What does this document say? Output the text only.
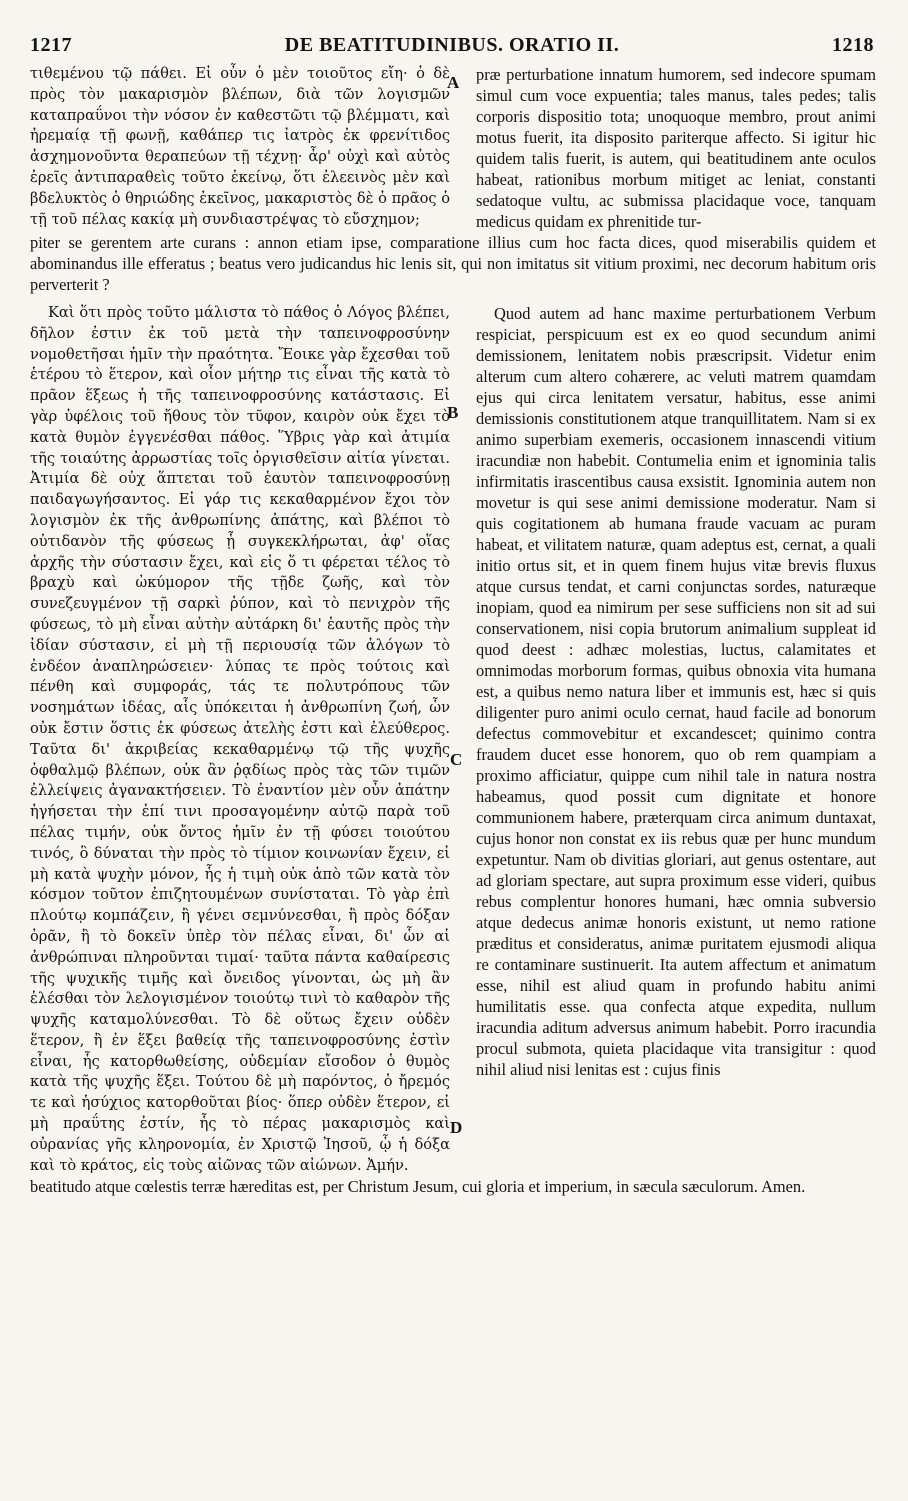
1217	DE BEATITUDINIBUS. ORATIO II.	1218
A
B
C
D

τιθεμένου τῷ πάθει. Εἰ οὖν ὁ μὲν τοιοῦτος εἴη· ὁ δὲ πρὸς τὸν μακαρισμὸν βλέπων, διὰ τῶν λογισμῶν καταπραΰνοι τὴν νόσον ἐν καθεστῶτι τῷ βλέμματι, καὶ ἠρεμαίᾳ τῇ φωνῇ, καθάπερ τις ἰατρὸς ἐκ φρενίτιδος ἀσχημονοῦντα θεραπεύων τῇ τέχνῃ· ἆρ' οὐχὶ καὶ αὐτὸς ἐρεῖς ἀντιπαραθεὶς τοῦτο ἐκείνῳ, ὅτι ἐλεεινὸς μὲν καὶ βδελυκτὸς ὁ θηριώδης ἐκεῖνος, μακαριστὸς δὲ ὁ πρᾶος ὁ τῇ τοῦ πέλας κακίᾳ μὴ συνδιαστρέψας τὸ εὔσχημον;

præ perturbatione innatum humorem, sed indecore spumam simul cum voce expuentia; tales manus, tales pedes; talis corporis dispositio tota; unoquoque membro, prout animi motus fuerit, ita disposito pariterque affecto. Si igitur hic quidem talis fuerit, is autem, qui beatitudinem ante oculos habeat, rationibus morbum mitiget ac leniat, constanti sedatoque vultu, ac submissa placidaque voce, tanquam medicus quidam ex phrenitide tur-

piter se gerentem arte curans : annon etiam ipse, comparatione illius cum hoc facta dices, quod miserabilis quidem et abominandus ille efferatus ; beatus vero judicandus hic lenis sit, qui non imitatus sit vitium proximi, nec decorum habitum oris perverterit ?

Καὶ ὅτι πρὸς τοῦτο μάλιστα τὸ πάθος ὁ Λόγος βλέπει, δῆλον ἐστιν ἐκ τοῦ μετὰ τὴν ταπεινοφροσύνην νομοθετῆσαι ἡμῖν τὴν πραότητα. Ἔοικε γὰρ ἔχεσθαι τοῦ ἑτέρου τὸ ἕτερον, καὶ οἷον μήτηρ τις εἶναι τῆς κατὰ τὸ πρᾶον ἕξεως ἡ τῆς ταπεινοφροσύνης κατάστασις. Εἰ γὰρ ὑφέλοις τοῦ ἤθους τὸν τῦφον, καιρὸν οὐκ ἔχει τὸ κατὰ θυμὸν ἐγγενέσθαι πάθος. Ὕβρις γὰρ καὶ ἀτιμία τῆς τοιαύτης ἀρρωστίας τοῖς ὀργισθεῖσιν αἰτία γίνεται. Ἀτιμία δὲ οὐχ ἅπτεται τοῦ ἑαυτὸν ταπεινοφροσύνῃ παιδαγωγήσαντος. Εἰ γάρ τις κεκαθαρμένον ἔχοι τὸν λογισμὸν ἐκ τῆς ἀνθρωπίνης ἀπάτης, καὶ βλέποι τὸ οὐτιδανὸν τῆς φύσεως ᾗ συγκεκλήρωται, ἀφ' οἵας ἀρχῆς τὴν σύστασιν ἔχει, καὶ εἰς ὅ τι φέρεται τέλος τὸ βραχὺ καὶ ὠκύμορον τῆς τῇδε ζωῆς, καὶ τὸν συνεζευγμένον τῇ σαρκὶ ῥύπον, καὶ τὸ πενιχρὸν τῆς φύσεως, τὸ μὴ εἶναι αὐτὴν αὐτάρκη δι' ἑαυτῆς πρὸς τὴν ἰδίαν σύστασιν, εἰ μὴ τῇ περιουσίᾳ τῶν ἀλόγων τὸ ἐνδέον ἀναπληρώσειεν· λύπας τε πρὸς τούτοις καὶ πένθη καὶ συμφοράς, τάς τε πολυτρόπους τῶν νοσημάτων ἰδέας, αἷς ὑπόκειται ἡ ἀνθρωπίνη ζωή, ὧν οὐκ ἔστιν ὅστις ἐκ φύσεως ἀτελὴς ἐστι καὶ ἐλεύθερος. Ταῦτα δι' ἀκριβείας κεκαθαρμένῳ τῷ τῆς ψυχῆς ὀφθαλμῷ βλέπων, οὐκ ἂν ῥᾳδίως πρὸς τὰς τῶν τιμῶν ἐλλείψεις ἀγανακτήσειεν. Τὸ ἐναντίον μὲν οὖν ἀπάτην ἡγήσεται τὴν ἐπί τινι προσαγομένην αὐτῷ παρὰ τοῦ πέλας τιμήν, οὐκ ὄντος ἡμῖν ἐν τῇ φύσει τοιούτου τινός, ὃ δύναται τὴν πρὸς τὸ τίμιον κοινωνίαν ἔχειν, εἰ μὴ κατὰ ψυχὴν μόνον, ἧς ἡ τιμὴ οὐκ ἀπὸ τῶν κατὰ τὸν κόσμον τοῦτον ἐπιζητουμένων συνίσταται. Τὸ γὰρ ἐπὶ πλούτῳ κομπάζειν, ἢ γένει σεμνύνεσθαι, ἢ πρὸς δόξαν ὁρᾶν, ἢ τὸ δοκεῖν ὑπὲρ τὸν πέλας εἶναι, δι' ὧν αἱ ἀνθρώπιναι πληροῦνται τιμαί· ταῦτα πάντα καθαίρεσις τῆς ψυχικῆς τιμῆς καὶ ὄνειδος γίνονται, ὡς μὴ ἂν ἑλέσθαι τὸν λελογισμένον τοιούτῳ τινὶ τὸ καθαρὸν τῆς ψυχῆς καταμολύνεσθαι. Τὸ δὲ οὕτως ἔχειν οὐδὲν ἕτερον, ἢ ἐν ἕξει βαθείᾳ τῆς ταπεινοφροσύνης ἐστὶν εἶναι, ἧς κατορθωθείσης, οὐδεμίαν εἴσοδον ὁ θυμὸς κατὰ τῆς ψυχῆς ἕξει. Τούτου δὲ μὴ παρόντος, ὁ ἤρεμός τε καὶ ἡσύχιος κατορθοῦται βίος· ὅπερ οὐδὲν ἕτερον, εἰ μὴ πραΰτης ἐστίν, ἧς τὸ πέρας μακαρισμὸς καὶ οὐρανίας γῆς κληρονομία, ἐν Χριστῷ Ἰησοῦ, ᾧ ἡ δόξα καὶ τὸ κράτος, εἰς τοὺς αἰῶνας τῶν αἰώνων. Ἀμήν.

Quod autem ad hanc maxime perturbationem Verbum respiciat, perspicuum est ex eo quod secundum animi demissionem, lenitatem nobis præscripsit. Videtur enim alterum cum altero cohærere, ac veluti matrem quamdam ejus qui circa lenitatem versatur, habitus, esse animi demissionis constitutionem atque tranquillitatem. Nam si ex animo superbiam exemeris, occasionem innascendi vitium iracundiæ non habebit. Contumelia enim et ignominia talis infirmitatis irascentibus causa exsistit. Ignominia autem non movetur is qui sese animi demissione moderatur. Nam si quis cogitationem ab humana fraude vacuam ac puram habeat, et vilitatem naturæ, quam adeptus est, cernat, a quali initio ortus sit, et in quem finem hujus vitæ brevis fluxus atque cursus tendat, et carni conjunctas sordes, naturæque inopiam, quod ea nimirum per sese sufficiens non sit ad sui conservationem, nisi copia brutorum animalium suppleat id quod deest : adhæc molestias, luctus, calamitates et omnimodas morborum formas, quibus obnoxia vita humana est, a quibus nemo natura liber et immunis est, hæc si quis diligenter puro animi oculo cernat, haud facile ad bonorum defectus commovebitur et excandescet; quinimo contra fraudem ducet esse honorem, quo ob rem quampiam a proximo afficiatur, quippe cum nihil tale in natura nostra habeamus, quod possit cum dignitate et honore communionem habere, præterquam circa animum duntaxat, cujus honor non constat ex iis rebus quæ per hunc mundum expetuntur. Nam ob divitias gloriari, aut genus ostentare, aut ad gloriam spectare, aut supra proximum esse videri, quibus rebus complentur honores humani, hæc omnia subversio atque dedecus animæ honoris existunt, ut nemo ratione præditus et consideratus, animæ puritatem ejusmodi aliqua re contaminare sustinuerit. Ita autem affectum et animatum esse, nihil est aliud quam in profundo habitu animi humilitatis esse. qua confecta atque expedita, nullum iracundia aditum adversus animum habebit. Porro iracundia procul submota, quieta placidaque vita transigitur : quod nihil aliud nisi lenitas est : cujus finis

beatitudo atque cœlestis terræ hæreditas est, per Christum Jesum, cui gloria et imperium, in sæcula sæculorum. Amen.
